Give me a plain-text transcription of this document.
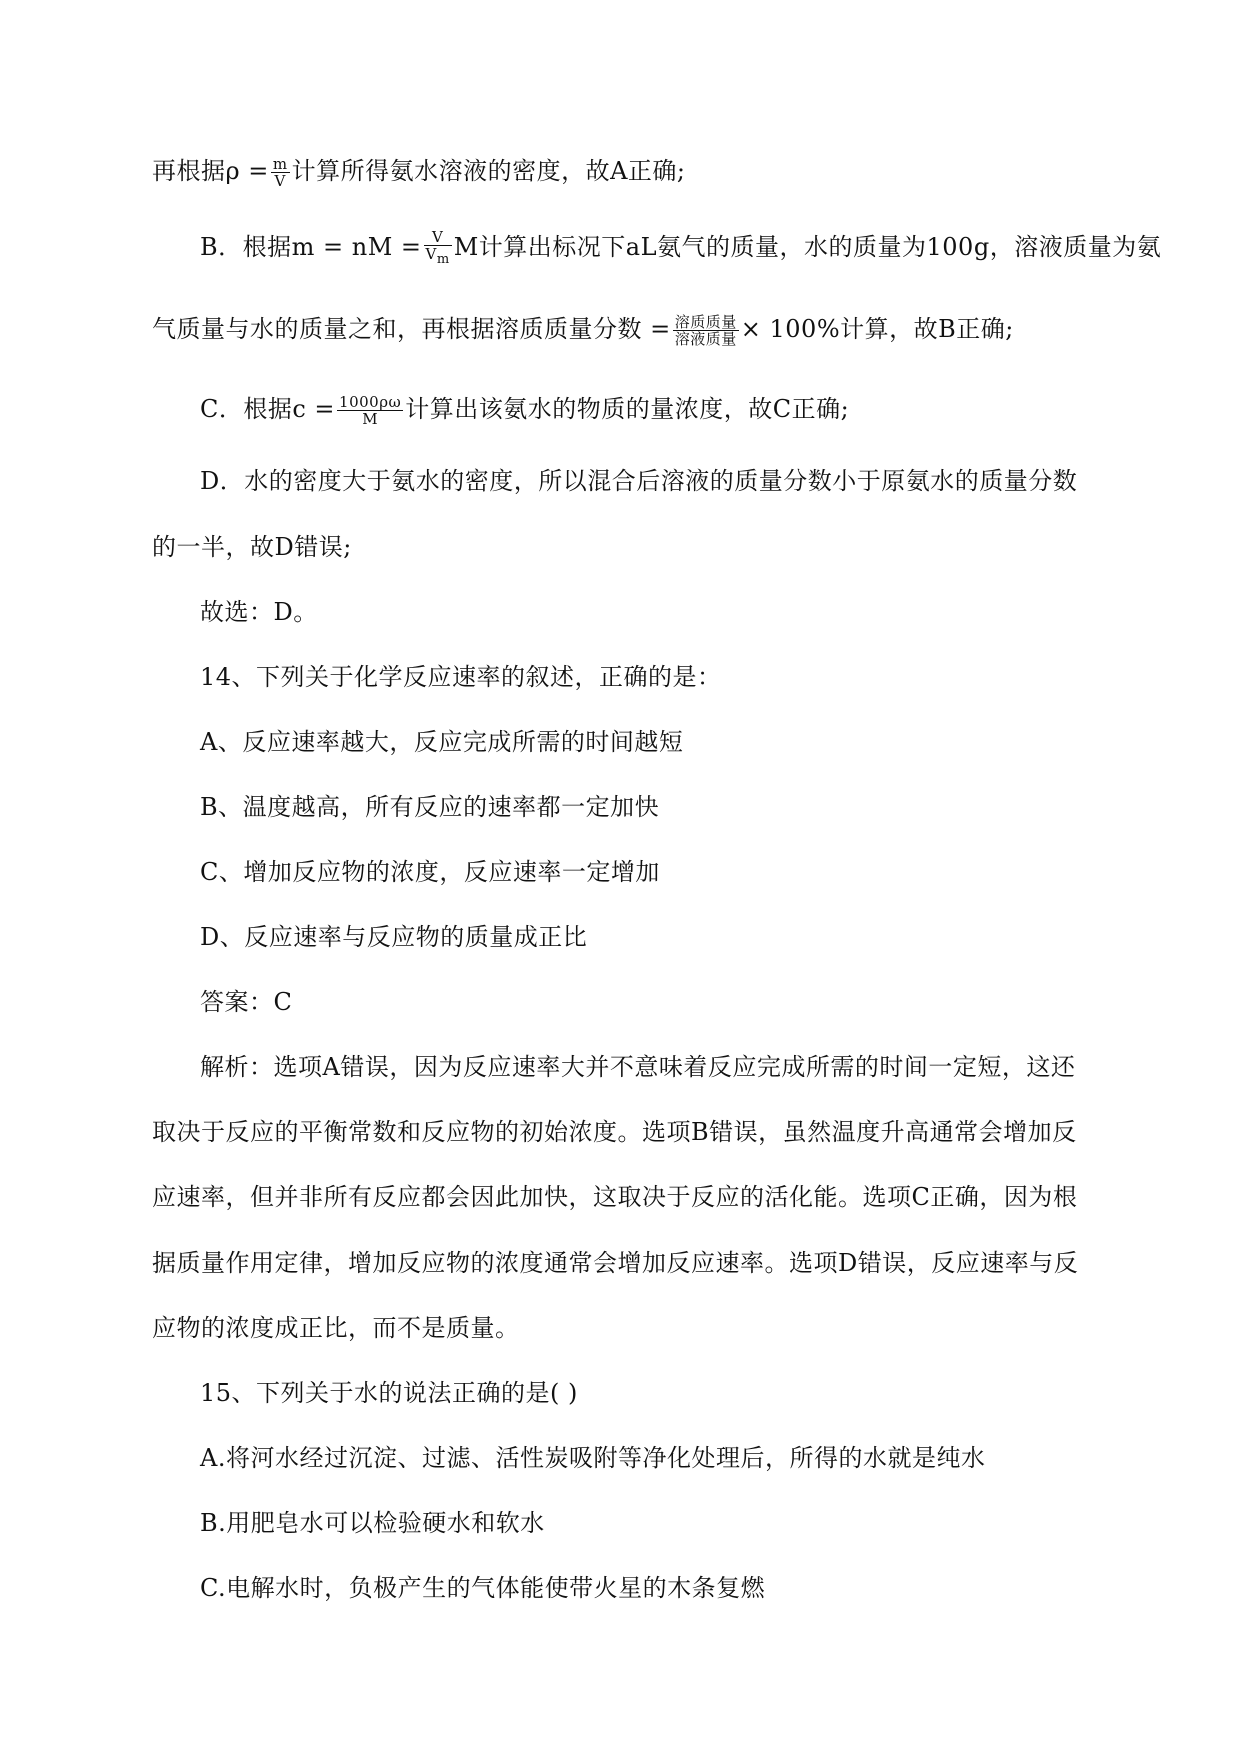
再根据$\rho = \frac{m}{V}$ 计算所得氨水溶液的密度，故A正确;
B．根据m = nM = $\frac{V}{V_m}$ M计算出标况下aL氨气的质量，水的质量为100g，溶液质量为氨
气质量与水的质量之和，再根据溶质质量分数 = $\frac{\text{溶质质量}}{\text{溶液质量}} \times 100\%$计算，故B正确;
C．根据$c = \frac{1000\rho\omega}{M}$ 计算出该氨水的物质的量浓度，故C正确;
D．水的密度大于氨水的密度，所以混合后溶液的质量分数小于原氨水的质量分数
的一半，故D错误;
故选：D。
14、下列关于化学反应速率的叙述，正确的是：
A、反应速率越大，反应完成所需的时间越短
B、温度越高，所有反应的速率都一定加快
C、增加反应物的浓度，反应速率一定增加
D、反应速率与反应物的质量成正比
答案：C
解析：选项A错误，因为反应速率大并不意味着反应完成所需的时间一定短，这还
取决于反应的平衡常数和反应物的初始浓度。选项B错误，虽然温度升高通常会增加反
应速率，但并非所有反应都会因此加快，这取决于反应的活化能。选项C正确，因为根
据质量作用定律，增加反应物的浓度通常会增加反应速率。选项D错误，反应速率与反
应物的浓度成正比，而不是质量。
15、下列关于水的说法正确的是( )
A.将河水经过沉淀、过滤、活性炭吸附等净化处理后，所得的水就是纯水
B.用肥皂水可以检验硬水和软水
C.电解水时，负极产生的气体能使带火星的木条复燃
